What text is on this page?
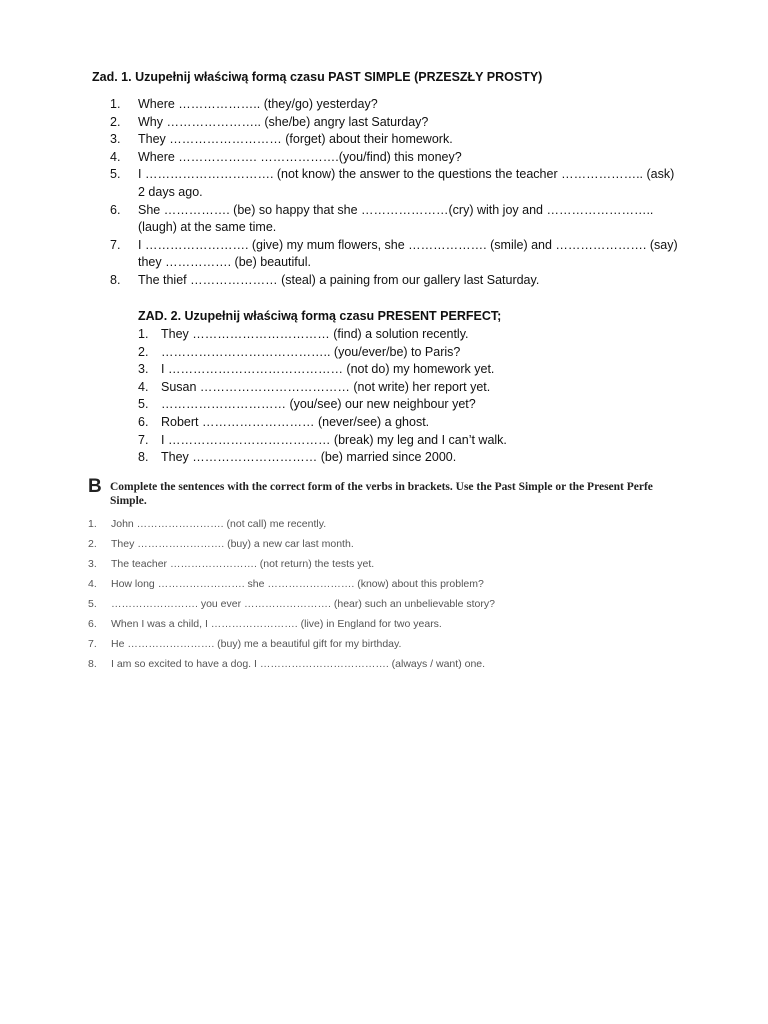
Zad. 1. Uzupełnij właściwą formą czasu PAST SIMPLE (PRZESZŁY PROSTY)
1. Where ……………….. (they/go) yesterday?
2. Why ………………….. (she/be) angry last Saturday?
3. They ……………………… (forget) about their homework.
4. Where ………………. ……………….(you/find) this money?
5. I …………………………. (not know) the answer to the questions the teacher ……………….. (ask) 2 days ago.
6. She ……………. (be) so happy that she …………………(cry) with joy and …………………….. (laugh) at the same time.
7. I ……………………. (give) my mum flowers, she ………………. (smile) and …………………. (say) they ……………. (be) beautiful.
8. The thief ………………… (steal) a paining from our gallery last Saturday.
ZAD. 2. Uzupełnij właściwą formą czasu PRESENT PERFECT;
1. They …………………………… (find) a solution recently.
2. ………………………………….. (you/ever/be) to Paris?
3. I …………………………………… (not do) my homework yet.
4. Susan ……………………………… (not write) her report yet.
5. ………………………… (you/see) our new neighbour yet?
6. Robert ……………………… (never/see) a ghost.
7. I ………………………………… (break) my leg and I can’t walk.
8. They ………………………… (be) married since 2000.
B Complete the sentences with the correct form of the verbs in brackets. Use the Past Simple or the Present Perfe
Simple.
1. John ……………………. (not call) me recently.
2. They ……………………. (buy) a new car last month.
3. The teacher ……………………. (not return) the tests yet.
4. How long ……………………. she ……………………. (know) about this problem?
5. ……………………. you ever ……………………. (hear) such an unbelievable story?
6. When I was a child, I ……………………. (live) in England for two years.
7. He ……………………. (buy) me a beautiful gift for my birthday.
8. I am so excited to have a dog. I ………………………………. (always / want) one.
